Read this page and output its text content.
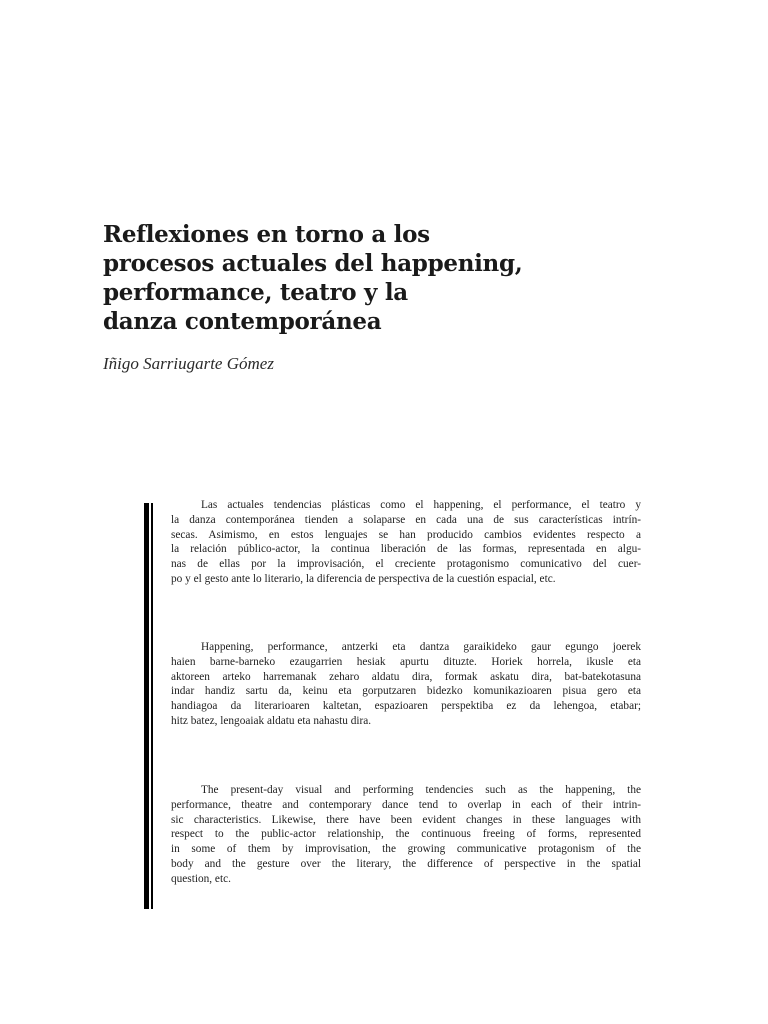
Reflexiones en torno a los
procesos actuales del happening,
performance, teatro y la
danza contemporánea
Iñigo Sarriugarte Gómez

Las actuales tendencias plásticas como el happening, el performance, el teatro y
la danza contemporánea tienden a solaparse en cada una de sus características intrín-
secas. Asimismo, en estos lenguajes se han producido cambios evidentes respecto a
la relación público-actor, la continua liberación de las formas, representada en algu-
nas de ellas por la improvisación, el creciente protagonismo comunicativo del cuer-
po y el gesto ante lo literario, la diferencia de perspectiva de la cuestión espacial, etc.

Happening, performance, antzerki eta dantza garaikideko gaur egungo joerek
haien barne-barneko ezaugarrien hesiak apurtu dituzte. Horiek horrela, ikusle eta
aktoreen arteko harremanak zeharo aldatu dira, formak askatu dira, bat-batekotasuna
indar handiz sartu da, keinu eta gorputzaren bidezko komunikazioaren pisua gero eta
handiagoa da literarioaren kaltetan, espazioaren perspektiba ez da lehengoa, etabar;
hitz batez, lengoaiak aldatu eta nahastu dira.

The present-day visual and performing tendencies such as the happening, the
performance, theatre and contemporary dance tend to overlap in each of their intrin-
sic characteristics. Likewise, there have been evident changes in these languages with
respect to the public-actor relationship, the continuous freeing of forms, represented
in some of them by improvisation, the growing communicative protagonism of the
body and the gesture over the literary, the difference of perspective in the spatial
question, etc.
